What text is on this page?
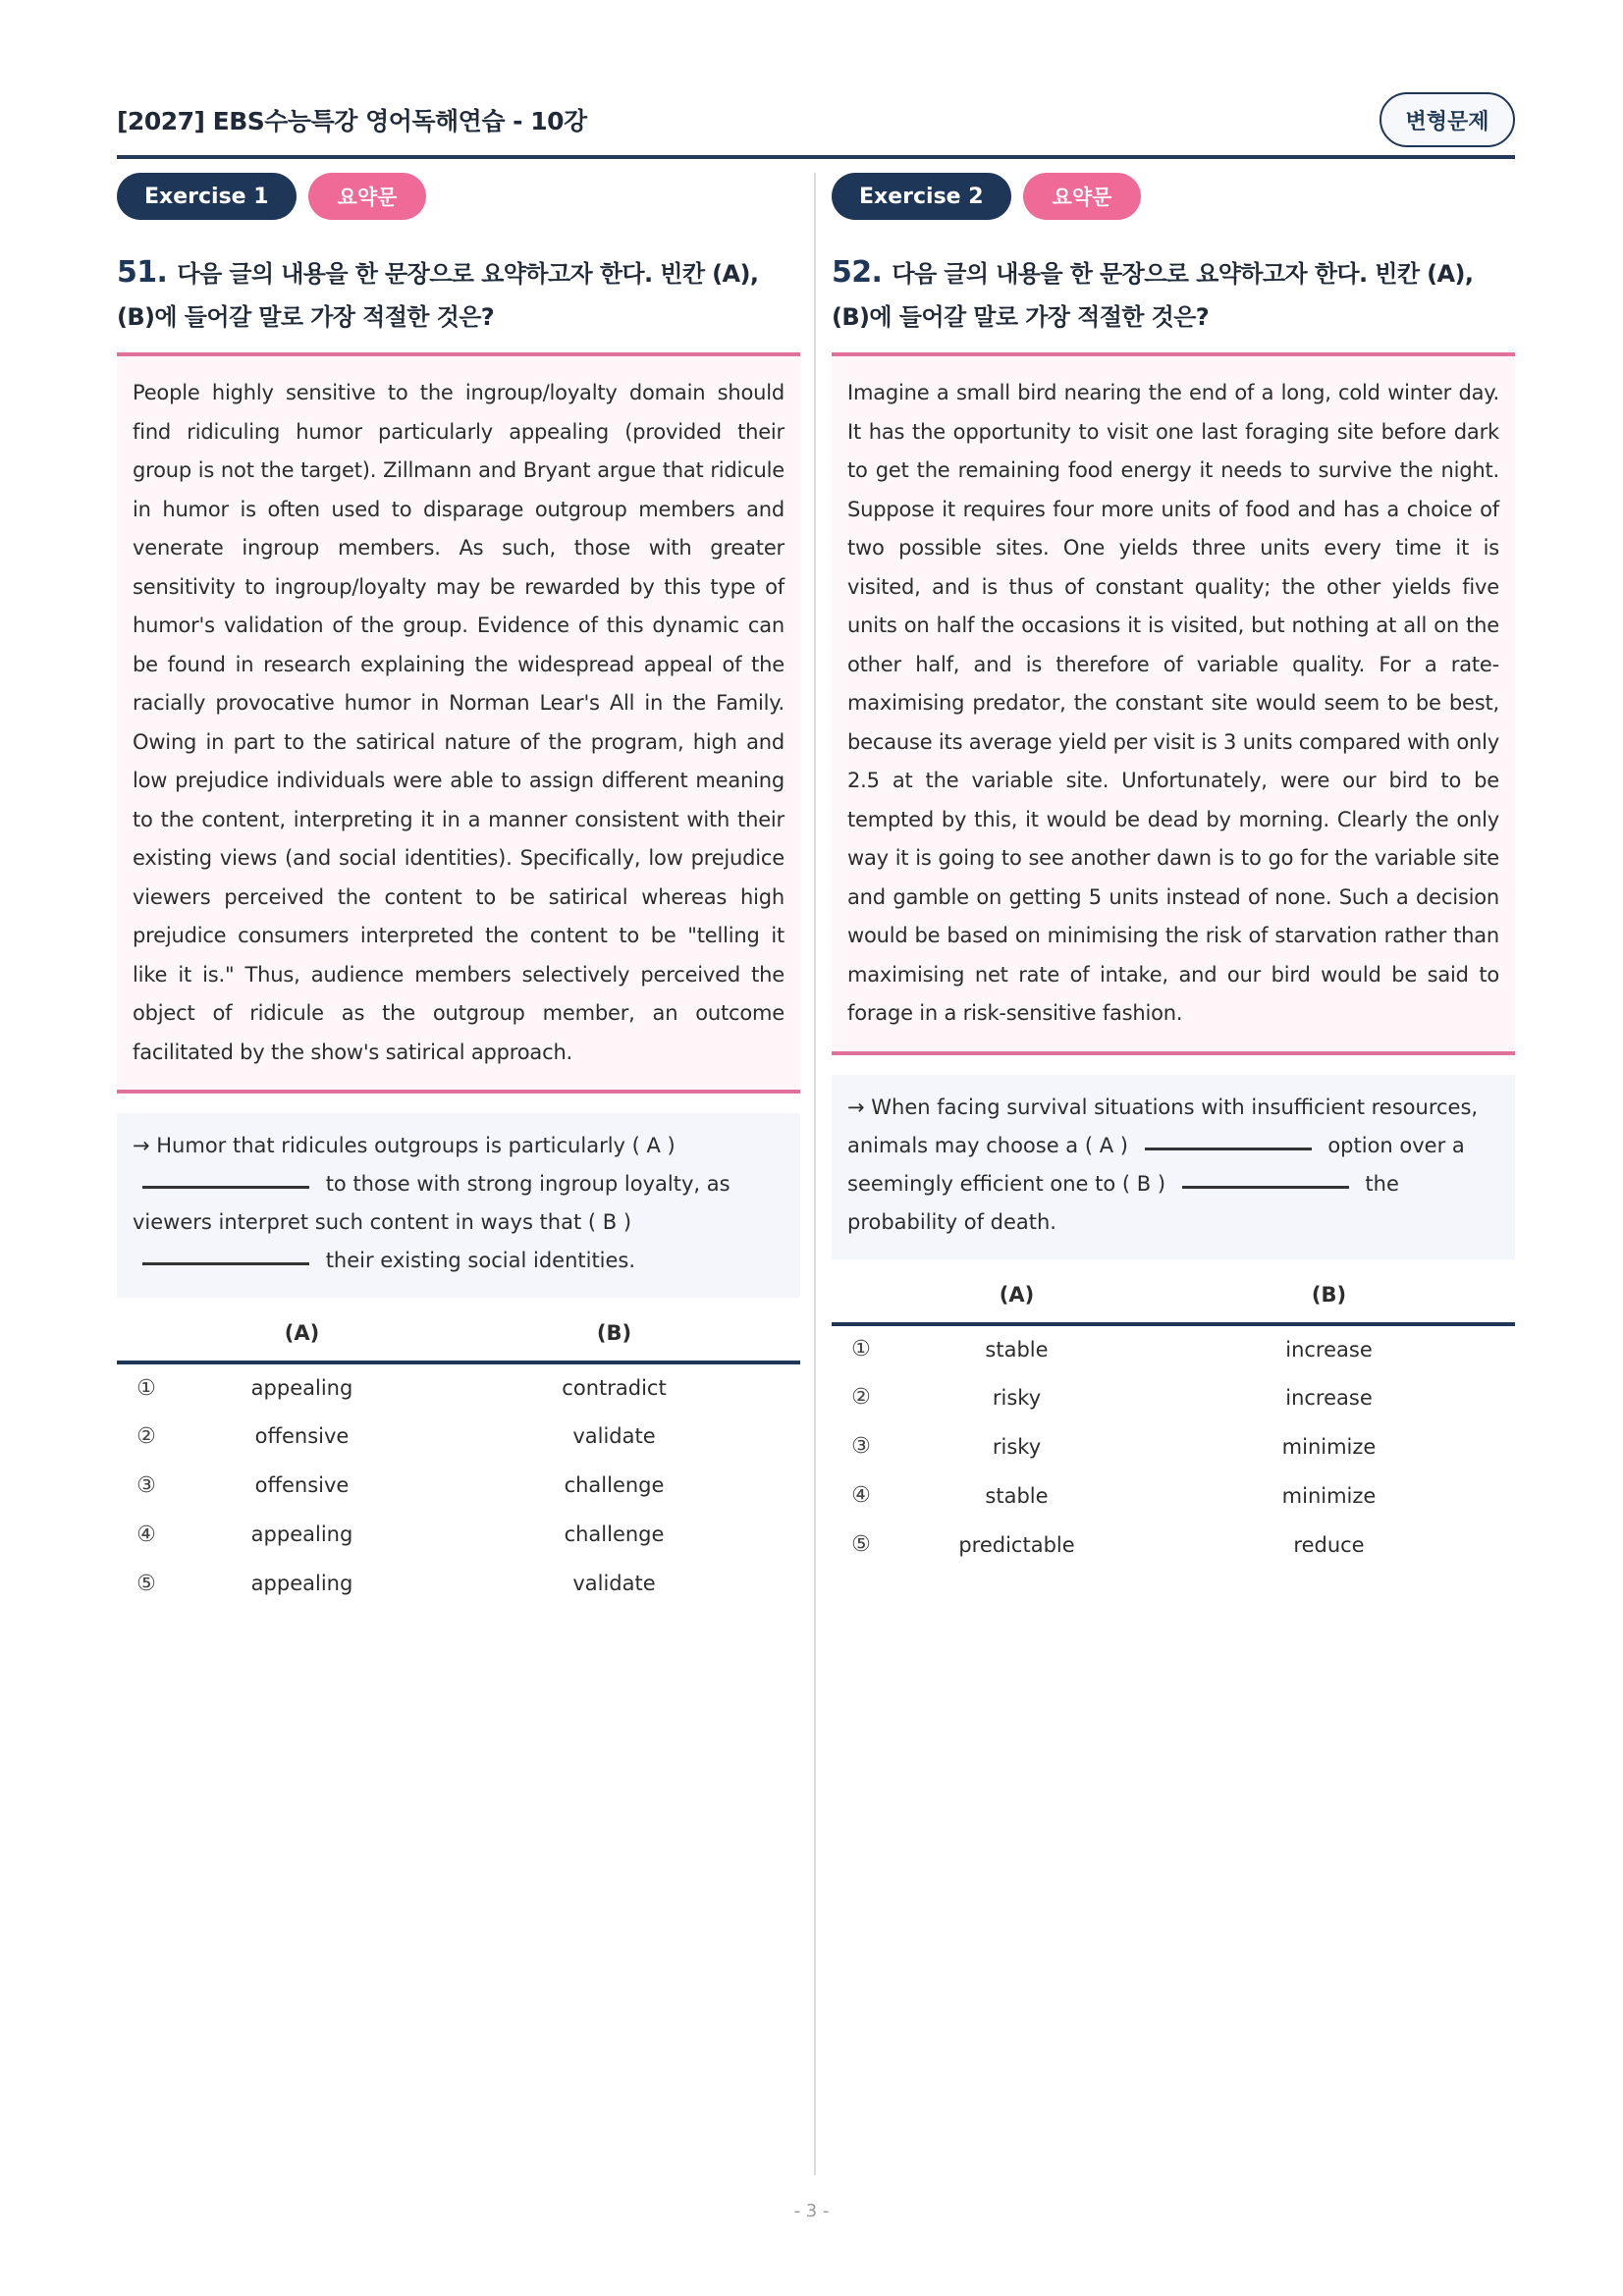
[2027] EBS수능특강 영어독해연습 - 10강	변형문제
Exercise 1	요약문
51. 다음 글의 내용을 한 문장으로 요약하고자 한다. 빈칸 (A), (B)에 들어갈 말로 가장 적절한 것은?
People highly sensitive to the ingroup/loyalty domain should find ridiculing humor particularly appealing (provided their group is not the target). Zillmann and Bryant argue that ridicule in humor is often used to disparage outgroup members and venerate ingroup members. As such, those with greater sensitivity to ingroup/loyalty may be rewarded by this type of humor's validation of the group. Evidence of this dynamic can be found in research explaining the widespread appeal of the racially provocative humor in Norman Lear's All in the Family. Owing in part to the satirical nature of the program, high and low prejudice individuals were able to assign different meaning to the content, interpreting it in a manner consistent with their existing views (and social identities). Specifically, low prejudice viewers perceived the content to be satirical whereas high prejudice consumers interpreted the content to be "telling it like it is." Thus, audience members selectively perceived the object of ridicule as the outgroup member, an outcome facilitated by the show's satirical approach.
→ Humor that ridicules outgroups is particularly ( A )  to those with strong ingroup loyalty, as viewers interpret such content in ways that ( B )  their existing social identities.
	(A)	(B)
①	appealing	contradict
②	offensive	validate
③	offensive	challenge
④	appealing	challenge
⑤	appealing	validate
Exercise 2	요약문
52. 다음 글의 내용을 한 문장으로 요약하고자 한다. 빈칸 (A), (B)에 들어갈 말로 가장 적절한 것은?
Imagine a small bird nearing the end of a long, cold winter day. It has the opportunity to visit one last foraging site before dark to get the remaining food energy it needs to survive the night. Suppose it requires four more units of food and has a choice of two possible sites. One yields three units every time it is visited, and is thus of constant quality; the other yields five units on half the occasions it is visited, but nothing at all on the other half, and is therefore of variable quality. For a rate-maximising predator, the constant site would seem to be best, because its average yield per visit is 3 units compared with only 2.5 at the variable site. Unfortunately, were our bird to be tempted by this, it would be dead by morning. Clearly the only way it is going to see another dawn is to go for the variable site and gamble on getting 5 units instead of none. Such a decision would be based on minimising the risk of starvation rather than maximising net rate of intake, and our bird would be said to forage in a risk-sensitive fashion.
→ When facing survival situations with insufficient resources, animals may choose a ( A )	option over a seemingly efficient one to ( B )	the probability of death.
	(A)	(B)
①	stable	increase
②	risky	increase
③	risky	minimize
④	stable	minimize
⑤	predictable	reduce
- 3 -
